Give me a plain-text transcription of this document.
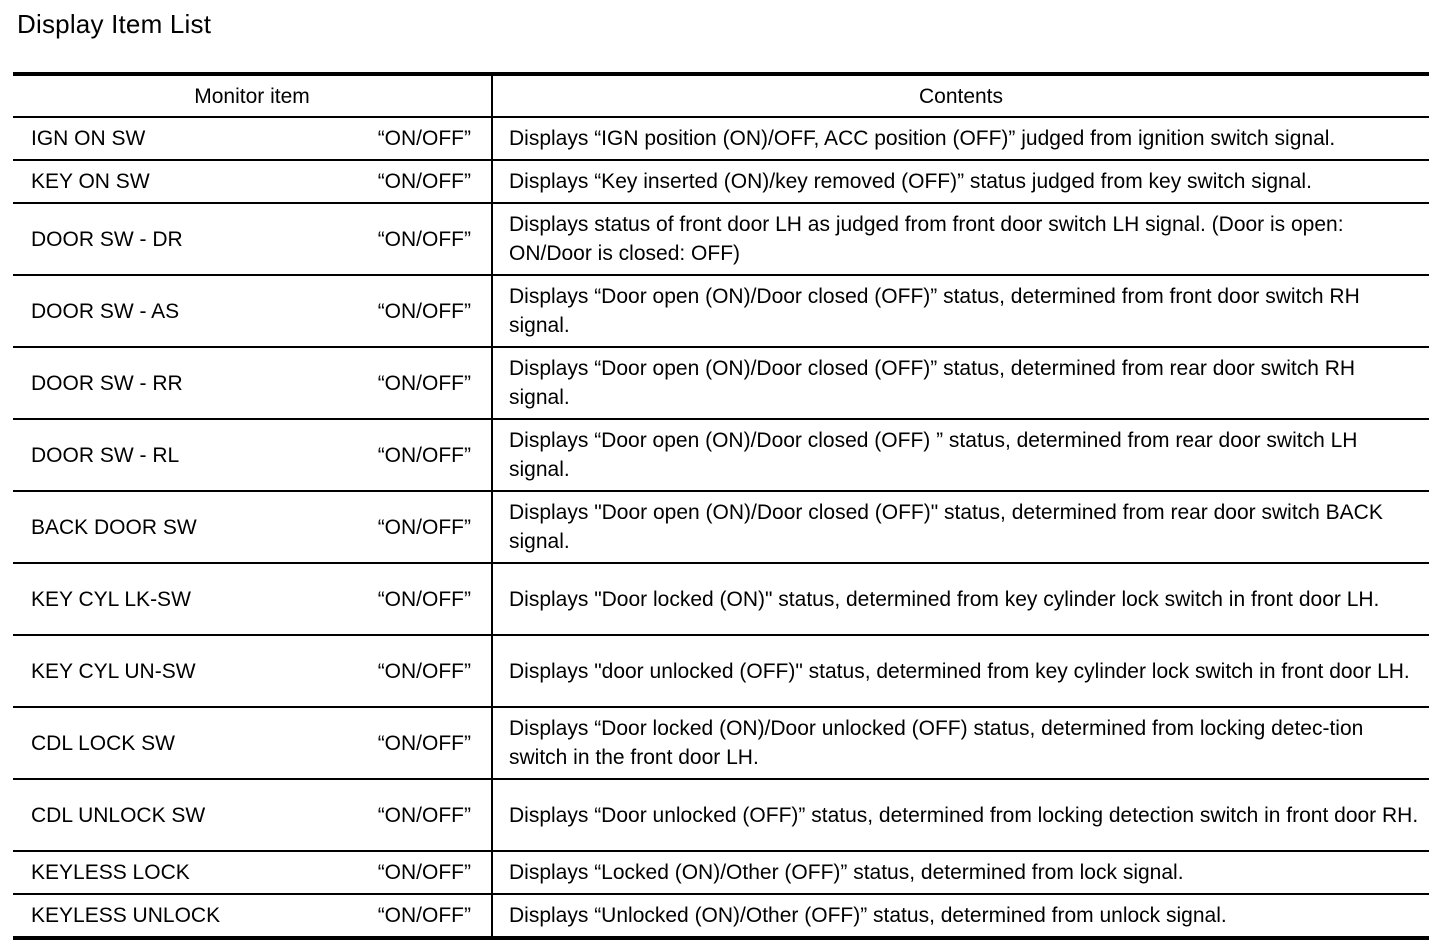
Display Item List
Monitor item	Contents

IGN ON SW “ON/OFF”	Displays “IGN position (ON)/OFF, ACC position (OFF)” judged from ignition switch signal.

KEY ON SW “ON/OFF”	Displays “Key inserted (ON)/key removed (OFF)” status judged from key switch signal.

DOOR SW - DR “ON/OFF”	Displays status of front door LH as judged from front door switch LH signal. (Door is open: ON/Door is closed: OFF)

DOOR SW - AS “ON/OFF”	Displays “Door open (ON)/Door closed (OFF)” status, determined from front door switch RH signal.

DOOR SW - RR “ON/OFF”	Displays “Door open (ON)/Door closed (OFF)” status, determined from rear door switch RH signal.

DOOR SW - RL “ON/OFF”	Displays “Door open (ON)/Door closed (OFF) ” status, determined from rear door switch LH signal.

BACK DOOR SW “ON/OFF”	Displays "Door open (ON)/Door closed (OFF)" status, determined from rear door switch BACK signal.

KEY CYL LK-SW “ON/OFF”	Displays "Door locked (ON)" status, determined from key cylinder lock switch in front door LH.

KEY CYL UN-SW “ON/OFF”	Displays "door unlocked (OFF)" status, determined from key cylinder lock switch in front door LH.

CDL LOCK SW “ON/OFF”	Displays “Door locked (ON)/Door unlocked (OFF) status, determined from locking detec-tion switch in the front door LH.

CDL UNLOCK SW “ON/OFF”	Displays “Door unlocked (OFF)” status, determined from locking detection switch in front door RH.

KEYLESS LOCK “ON/OFF”	Displays “Locked (ON)/Other (OFF)” status, determined from lock signal.

KEYLESS UNLOCK “ON/OFF”	Displays “Unlocked (ON)/Other (OFF)” status, determined from unlock signal.
